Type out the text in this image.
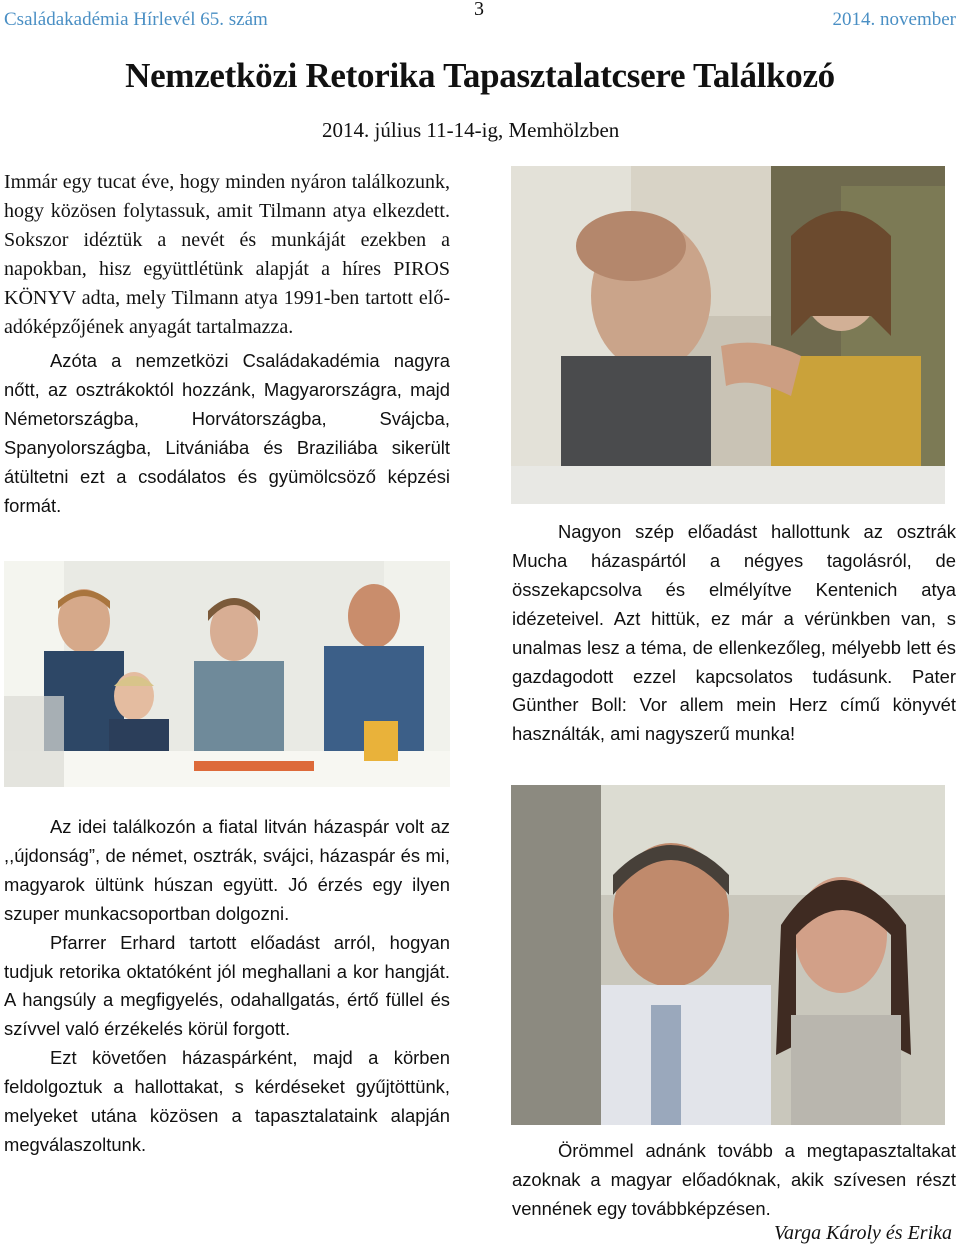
Családakadémia Hírlevél 65. szám	3	2014. november
Nemzetközi Retorika Tapasztalatcsere Találkozó
2014. július 11-14-ig, Memhölzben

Immár egy tucat éve, hogy minden nyáron találkozunk, hogy közösen folytassuk, amit Tilmann atya elkezdett. Sokszor idéztük a nevét és munkáját ezekben a napokban, hisz együttlétünk alapját a híres PIROS KÖNYV adta, mely Tilmann atya 1991-ben tartott előadóképzőjének anyagát tartalmazza.

Azóta a nemzetközi Családakadémia nagyra nőtt, az osztrákoktól hozzánk, Magyarországra, majd Németországba, Horvátországba, Svájcba, Spanyolországba, Litvániába és Braziliába sikerült átültetni ezt a csodálatos és gyümölcsöző képzési formát.

Nagyon szép előadást hallottunk az osztrák Mucha házaspártól a négyes tagolásról, de összekapcsolva és elmélyítve Kentenich atya idézeteivel. Azt hittük, ez már a vérünkben van, s unalmas lesz a téma, de ellenkezőleg, mélyebb lett és gazdagodott ezzel kapcsolatos tudásunk. Pater Günther Boll: Vor allem mein Herz című könyvét használták, ami nagyszerű munka!

Az idei találkozón a fiatal litván házaspár volt az ,,újdonság”, de német, osztrák, svájci, házaspár és mi, magyarok ültünk húszan együtt. Jó érzés egy ilyen szuper munkacsoportban dolgozni.

Pfarrer Erhard tartott előadást arról, hogyan tudjuk retorika oktatóként jól meghallani a kor hangját. A hangsúly a megfigyelés, odahallgatás, értő füllel és szívvel való érzékelés körül forgott.

Ezt követően házaspárként, majd a körben feldolgoztuk a hallottakat, s kérdéseket gyűjtöttünk, melyeket utána közösen a tapasztalataink alapján megválaszoltunk.	Örömmel adnánk tovább a megtapasztaltakat azoknak a magyar előadóknak, akik szívesen részt vennének egy továbbképzésen.

Varga Károly és Erika
